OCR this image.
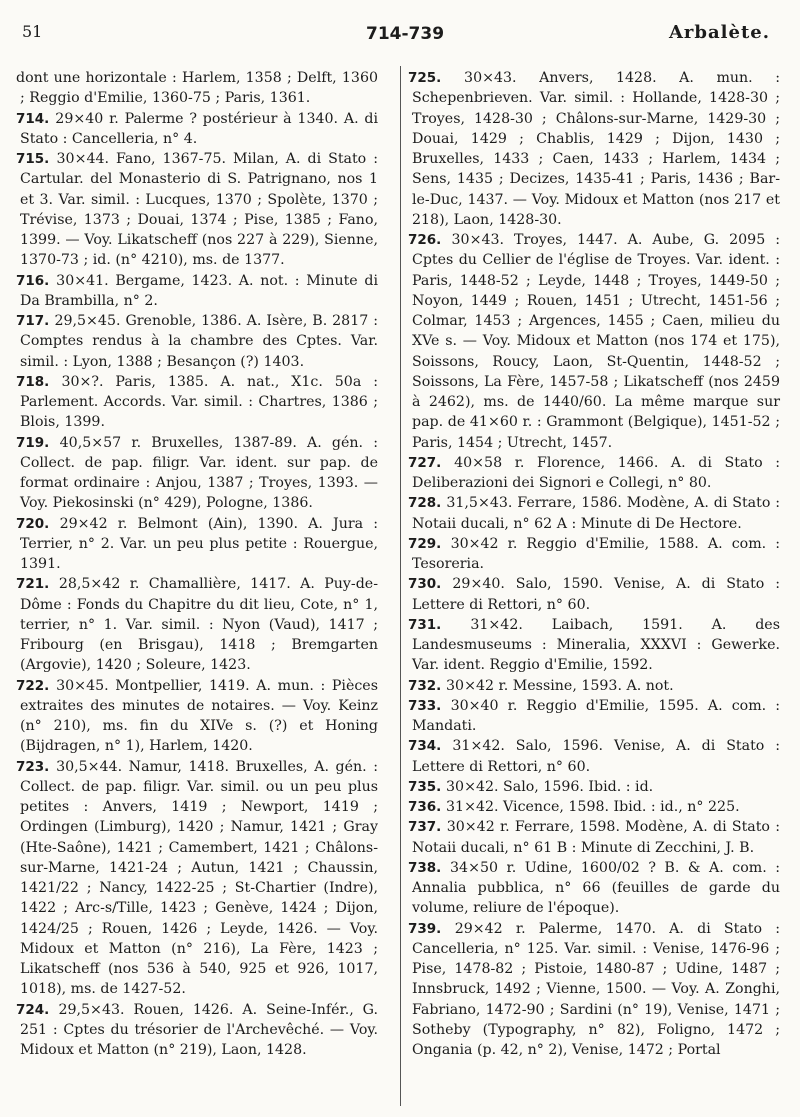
51	714-739	Arbalète.

dont une horizontale : Harlem, 1358 ; Delft, 1360 ; Reggio d'Emilie, 1360-75 ; Paris, 1361.

714. 29×40 r. Palerme ? postérieur à 1340. A. di Stato : Cancelleria, n° 4.

715. 30×44. Fano, 1367-75. Milan, A. di Stato : Cartular. del Monasterio di S. Patrignano, nos 1 et 3. Var. simil. : Lucques, 1370 ; Spolète, 1370 ; Trévise, 1373 ; Douai, 1374 ; Pise, 1385 ; Fano, 1399. — Voy. Likatscheff (nos 227 à 229), Sienne, 1370-73 ; id. (n° 4210), ms. de 1377.

716. 30×41. Bergame, 1423. A. not. : Minute di Da Brambilla, n° 2.

717. 29,5×45. Grenoble, 1386. A. Isère, B. 2817 : Comptes rendus à la chambre des Cptes. Var. simil. : Lyon, 1388 ; Besançon (?) 1403.

718. 30×?. Paris, 1385. A. nat., X1c. 50a : Parlement. Accords. Var. simil. : Chartres, 1386 ; Blois, 1399.

719. 40,5×57 r. Bruxelles, 1387-89. A. gén. : Collect. de pap. filigr. Var. ident. sur pap. de format ordinaire : Anjou, 1387 ; Troyes, 1393. — Voy. Piekosinski (n° 429), Pologne, 1386.

720. 29×42 r. Belmont (Ain), 1390. A. Jura : Terrier, n° 2. Var. un peu plus petite : Rouergue, 1391.

721. 28,5×42 r. Chamallière, 1417. A. Puy-de-Dôme : Fonds du Chapitre du dit lieu, Cote, n° 1, terrier, n° 1. Var. simil. : Nyon (Vaud), 1417 ; Fribourg (en Brisgau), 1418 ; Bremgarten (Argovie), 1420 ; Soleure, 1423.

722. 30×45. Montpellier, 1419. A. mun. : Pièces extraites des minutes de notaires. — Voy. Keinz (n° 210), ms. fin du XIVe s. (?) et Honing (Bijdragen, n° 1), Harlem, 1420.

723. 30,5×44. Namur, 1418. Bruxelles, A. gén. : Collect. de pap. filigr. Var. simil. ou un peu plus petites : Anvers, 1419 ; Newport, 1419 ; Ordingen (Limburg), 1420 ; Namur, 1421 ; Gray (Hte-Saône), 1421 ; Camembert, 1421 ; Châlons-sur-Marne, 1421-24 ; Autun, 1421 ; Chaussin, 1421/22 ; Nancy, 1422-25 ; St-Chartier (Indre), 1422 ; Arc-s/Tille, 1423 ; Genève, 1424 ; Dijon, 1424/25 ; Rouen, 1426 ; Leyde, 1426. — Voy. Midoux et Matton (n° 216), La Fère, 1423 ; Likatscheff (nos 536 à 540, 925 et 926, 1017, 1018), ms. de 1427-52.

724. 29,5×43. Rouen, 1426. A. Seine-Infér., G. 251 : Cptes du trésorier de l'Archevêché. — Voy. Midoux et Matton (n° 219), Laon, 1428.

725. 30×43. Anvers, 1428. A. mun. : Schepenbrieven. Var. simil. : Hollande, 1428-30 ; Troyes, 1428-30 ; Châlons-sur-Marne, 1429-30 ; Douai, 1429 ; Chablis, 1429 ; Dijon, 1430 ; Bruxelles, 1433 ; Caen, 1433 ; Harlem, 1434 ; Sens, 1435 ; Decizes, 1435-41 ; Paris, 1436 ; Bar-le-Duc, 1437. — Voy. Midoux et Matton (nos 217 et 218), Laon, 1428-30.

726. 30×43. Troyes, 1447. A. Aube, G. 2095 : Cptes du Cellier de l'église de Troyes. Var. ident. : Paris, 1448-52 ; Leyde, 1448 ; Troyes, 1449-50 ; Noyon, 1449 ; Rouen, 1451 ; Utrecht, 1451-56 ; Colmar, 1453 ; Argences, 1455 ; Caen, milieu du XVe s. — Voy. Midoux et Matton (nos 174 et 175), Soissons, Roucy, Laon, St-Quentin, 1448-52 ; Soissons, La Fère, 1457-58 ; Likatscheff (nos 2459 à 2462), ms. de 1440/60. La même marque sur pap. de 41×60 r. : Grammont (Belgique), 1451-52 ; Paris, 1454 ; Utrecht, 1457.

727. 40×58 r. Florence, 1466. A. di Stato : Deliberazioni dei Signori e Collegi, n° 80.

728. 31,5×43. Ferrare, 1586. Modène, A. di Stato : Notaii ducali, n° 62 A : Minute di De Hectore.

729. 30×42 r. Reggio d'Emilie, 1588. A. com. : Tesoreria.

730. 29×40. Salo, 1590. Venise, A. di Stato : Lettere di Rettori, n° 60.

731. 31×42. Laibach, 1591. A. des Landesmuseums : Mineralia, XXXVI : Gewerke. Var. ident. Reggio d'Emilie, 1592.

732. 30×42 r. Messine, 1593. A. not.

733. 30×40 r. Reggio d'Emilie, 1595. A. com. : Mandati.

734. 31×42. Salo, 1596. Venise, A. di Stato : Lettere di Rettori, n° 60.

735. 30×42. Salo, 1596. Ibid. : id.

736. 31×42. Vicence, 1598. Ibid. : id., n° 225.

737. 30×42 r. Ferrare, 1598. Modène, A. di Stato : Notaii ducali, n° 61 B : Minute di Zecchini, J. B.

738. 34×50 r. Udine, 1600/02 ? B. & A. com. : Annalia pubblica, n° 66 (feuilles de garde du volume, reliure de l'époque).

739. 29×42 r. Palerme, 1470. A. di Stato : Cancelleria, n° 125. Var. simil. : Venise, 1476-96 ; Pise, 1478-82 ; Pistoie, 1480-87 ; Udine, 1487 ; Innsbruck, 1492 ; Vienne, 1500. — Voy. A. Zonghi, Fabriano, 1472-90 ; Sardini (n° 19), Venise, 1471 ; Sotheby (Typography, n° 82), Foligno, 1472 ; Ongania (p. 42, n° 2), Venise, 1472 ; Portal
